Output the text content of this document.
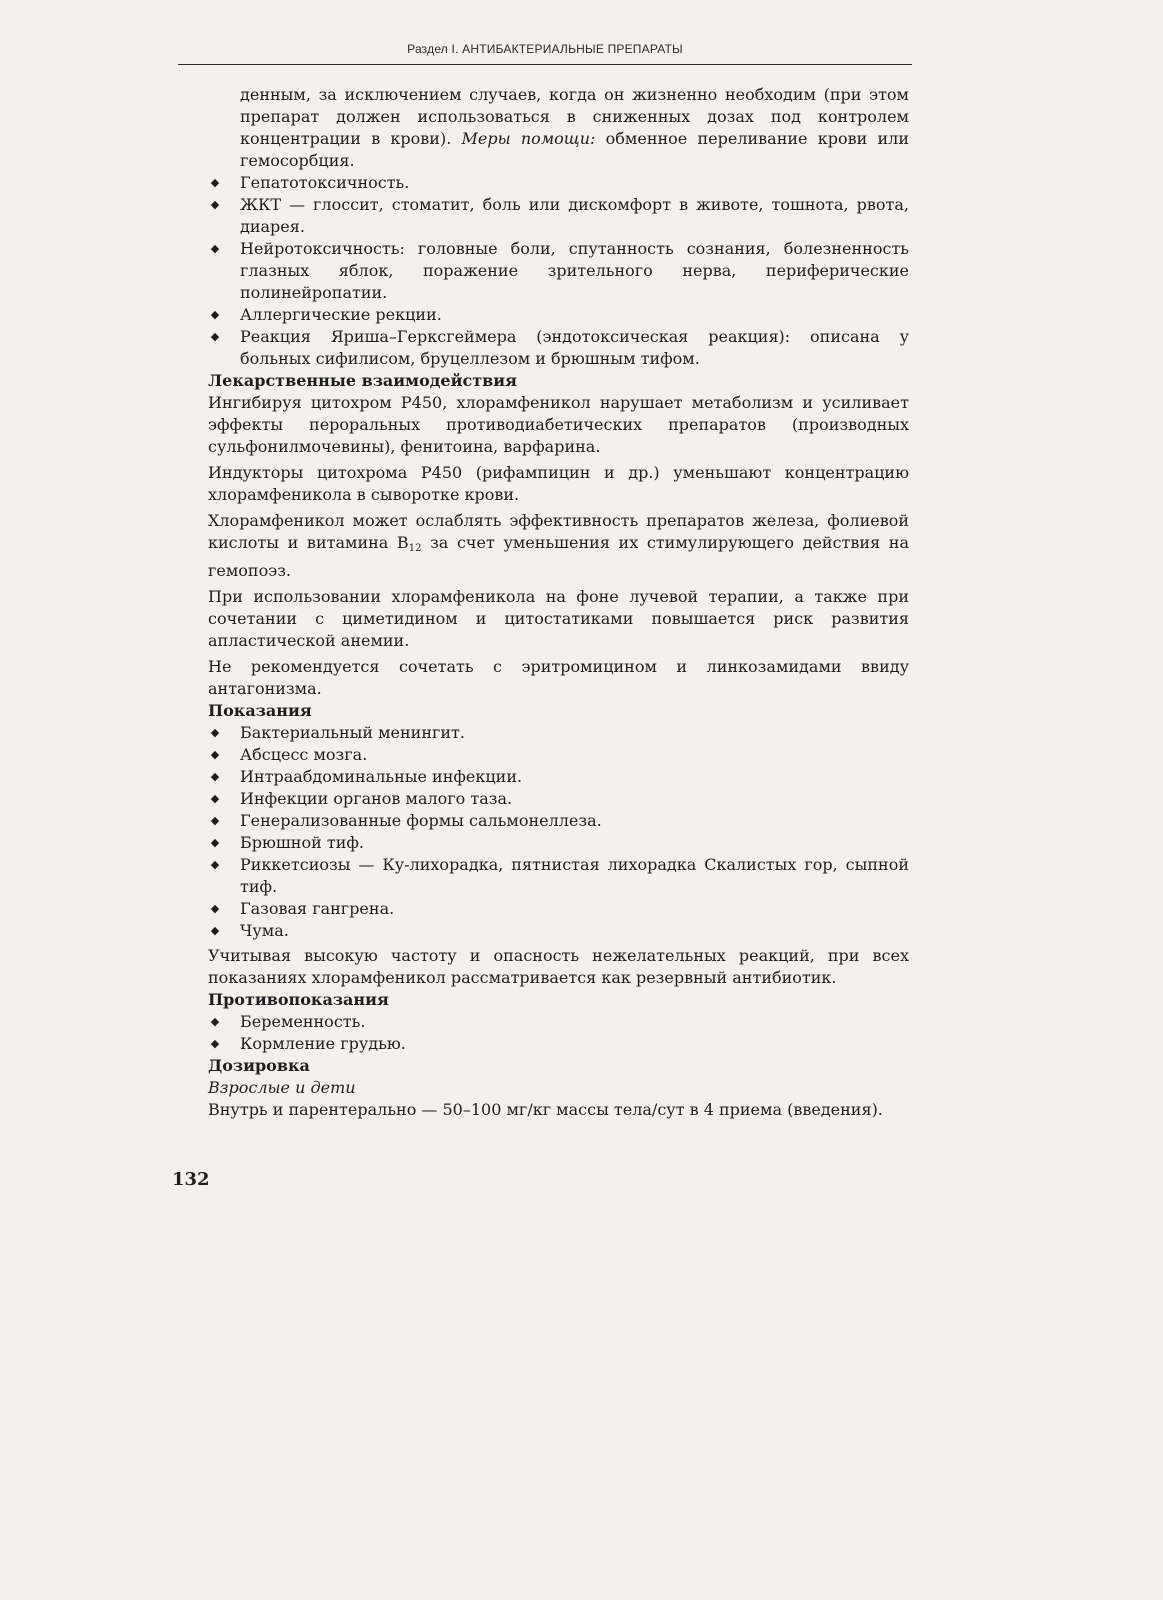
Раздел I. АНТИБАКТЕРИАЛЬНЫЕ ПРЕПАРАТЫ

денным, за исключением случаев, когда он жизненно необходим (при этом препарат должен использоваться в сниженных дозах под контролем концентрации в крови). Меры помощи: обменное переливание крови или гемосорбция.

◆ Гепатотоксичность.
◆ ЖКТ — глоссит, стоматит, боль или дискомфорт в животе, тошнота, рвота, диарея.
◆ Нейротоксичность: головные боли, спутанность сознания, болезненность глазных яблок, поражение зрительного нерва, периферические полинейропатии.
◆ Аллергические рекции.
◆ Реакция Яриша–Герксгеймера (эндотоксическая реакция): описана у больных сифилисом, бруцеллезом и брюшным тифом.

Лекарственные взаимодействия

Ингибируя цитохром Р450, хлорамфеникол нарушает метаболизм и усиливает эффекты пероральных противодиабетических препаратов (производных сульфонилмочевины), фенитоина, варфарина.

Индукторы цитохрома Р450 (рифампицин и др.) уменьшают концентрацию хлорамфеникола в сыворотке крови.

Хлорамфеникол может ослаблять эффективность препаратов железа, фолиевой кислоты и витамина $B_{12}$ за счет уменьшения их стимулирующего действия на гемопоэз.

При использовании хлорамфеникола на фоне лучевой терапии, а также при сочетании с циметидином и цитостатиками повышается риск развития апластической анемии.

Не рекомендуется сочетать с эритромицином и линкозамидами ввиду антагонизма.

Показания

◆ Бактериальный менингит.
◆ Абсцесс мозга.
◆ Интраабдоминальные инфекции.
◆ Инфекции органов малого таза.
◆ Генерализованные формы сальмонеллеза.
◆ Брюшной тиф.
◆ Риккетсиозы — Ку-лихорадка, пятнистая лихорадка Скалистых гор, сыпной тиф.
◆ Газовая гангрена.
◆ Чума.

Учитывая высокую частоту и опасность нежелательных реакций, при всех показаниях хлорамфеникол рассматривается как резервный антибиотик.

Противопоказания

◆ Беременность.
◆ Кормление грудью.

Дозировка

Взрослые и дети

Внутрь и парентерально — 50–100 мг/кг массы тела/сут в 4 приема (введения).

132
